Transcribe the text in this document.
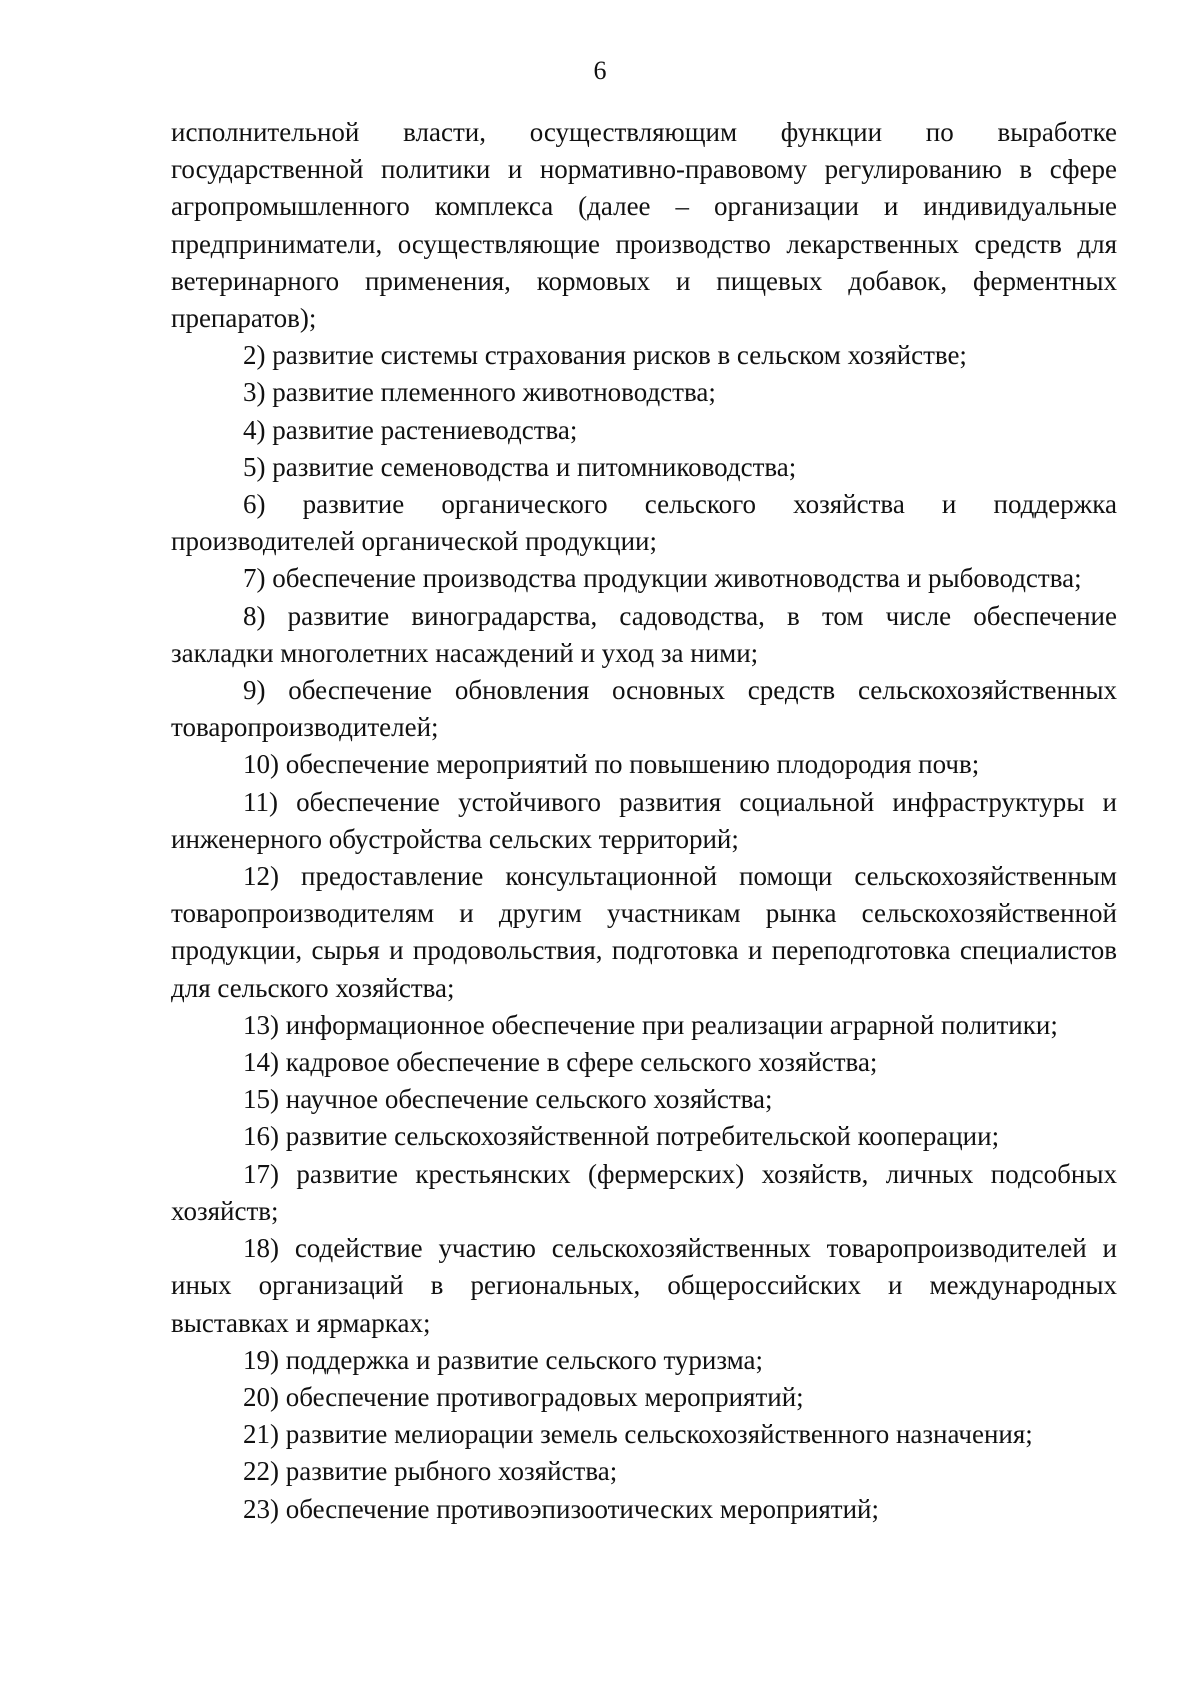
6

исполнительной власти, осуществляющим функции по выработке государственной политики и нормативно-правовому регулированию в сфере агропромышленного комплекса (далее – организации и индивидуальные предприниматели, осуществляющие производство лекарственных средств для ветеринарного применения, кормовых и пищевых добавок, ферментных препаратов);

2) развитие системы страхования рисков в сельском хозяйстве;

3) развитие племенного животноводства;

4) развитие растениеводства;

5) развитие семеноводства и питомниководства;

6) развитие органического сельского хозяйства и поддержка производителей органической продукции;

7) обеспечение производства продукции животноводства и рыбоводства;

8) развитие виноградарства, садоводства, в том числе обеспечение закладки многолетних насаждений и уход за ними;

9) обеспечение обновления основных средств сельскохозяйственных товаропроизводителей;

10) обеспечение мероприятий по повышению плодородия почв;

11) обеспечение устойчивого развития социальной инфраструктуры и инженерного обустройства сельских территорий;

12) предоставление консультационной помощи сельскохозяйственным товаропроизводителям и другим участникам рынка сельскохозяйственной продукции, сырья и продовольствия, подготовка и переподготовка специалистов для сельского хозяйства;

13) информационное обеспечение при реализации аграрной политики;

14) кадровое обеспечение в сфере сельского хозяйства;

15) научное обеспечение сельского хозяйства;

16) развитие сельскохозяйственной потребительской кооперации;

17) развитие крестьянских (фермерских) хозяйств, личных подсобных хозяйств;

18) содействие участию сельскохозяйственных товаропроизводителей и иных организаций в региональных, общероссийских и международных выставках и ярмарках;

19) поддержка и развитие сельского туризма;

20) обеспечение противоградовых мероприятий;

21) развитие мелиорации земель сельскохозяйственного назначения;

22) развитие рыбного хозяйства;

23) обеспечение противоэпизоотических мероприятий;
